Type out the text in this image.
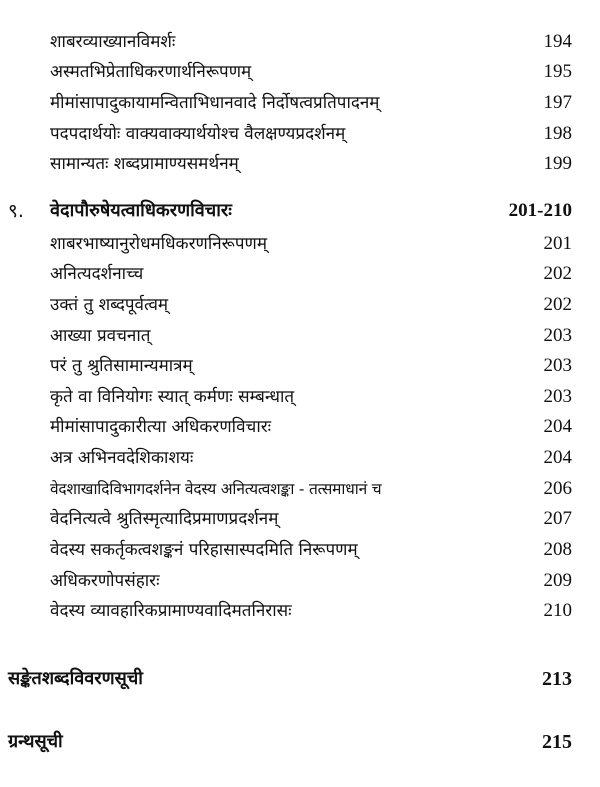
शाबरव्याख्यानविमर्शः	194
अस्मतभिप्रेताधिकरणार्थनिरूपणम्	195
मीमांसापादुकायामन्विताभिधानवादे निर्दोषत्वप्रतिपादनम्	197
पदपदार्थयोः वाक्यवाक्यार्थयोश्च वैलक्षण्यप्रदर्शनम्	198
सामान्यतः शब्दप्रामाण्यसमर्थनम्	199
९. वेदापौरुषेयत्वाधिकरणविचारः	201-210
शाबरभाष्यानुरोधमधिकरणनिरूपणम्	201
अनित्यदर्शनाच्च	202
उक्तं तु शब्दपूर्वत्वम्	202
आख्या प्रवचनात्	203
परं तु श्रुतिसामान्यमात्रम्	203
कृते वा विनियोगः स्यात् कर्मणः सम्बन्धात्	203
मीमांसापादुकारीत्या अधिकरणविचारः	204
अत्र अभिनवदेशिकाशयः	204
वेदशाखादिविभागदर्शनेन वेदस्य अनित्यत्वशङ्का - तत्समाधानं च	206
वेदनित्यत्वे श्रुतिस्मृत्यादिप्रमाणप्रदर्शनम्	207
वेदस्य सकर्तृकत्वशङ्कनं परिहासास्पदमिति निरूपणम्	208
अधिकरणोपसंहारः	209
वेदस्य व्यावहारिकप्रामाण्यवादिमतनिरासः	210
सङ्केतशब्दविवरणसूची	213
ग्रन्थसूची	215
